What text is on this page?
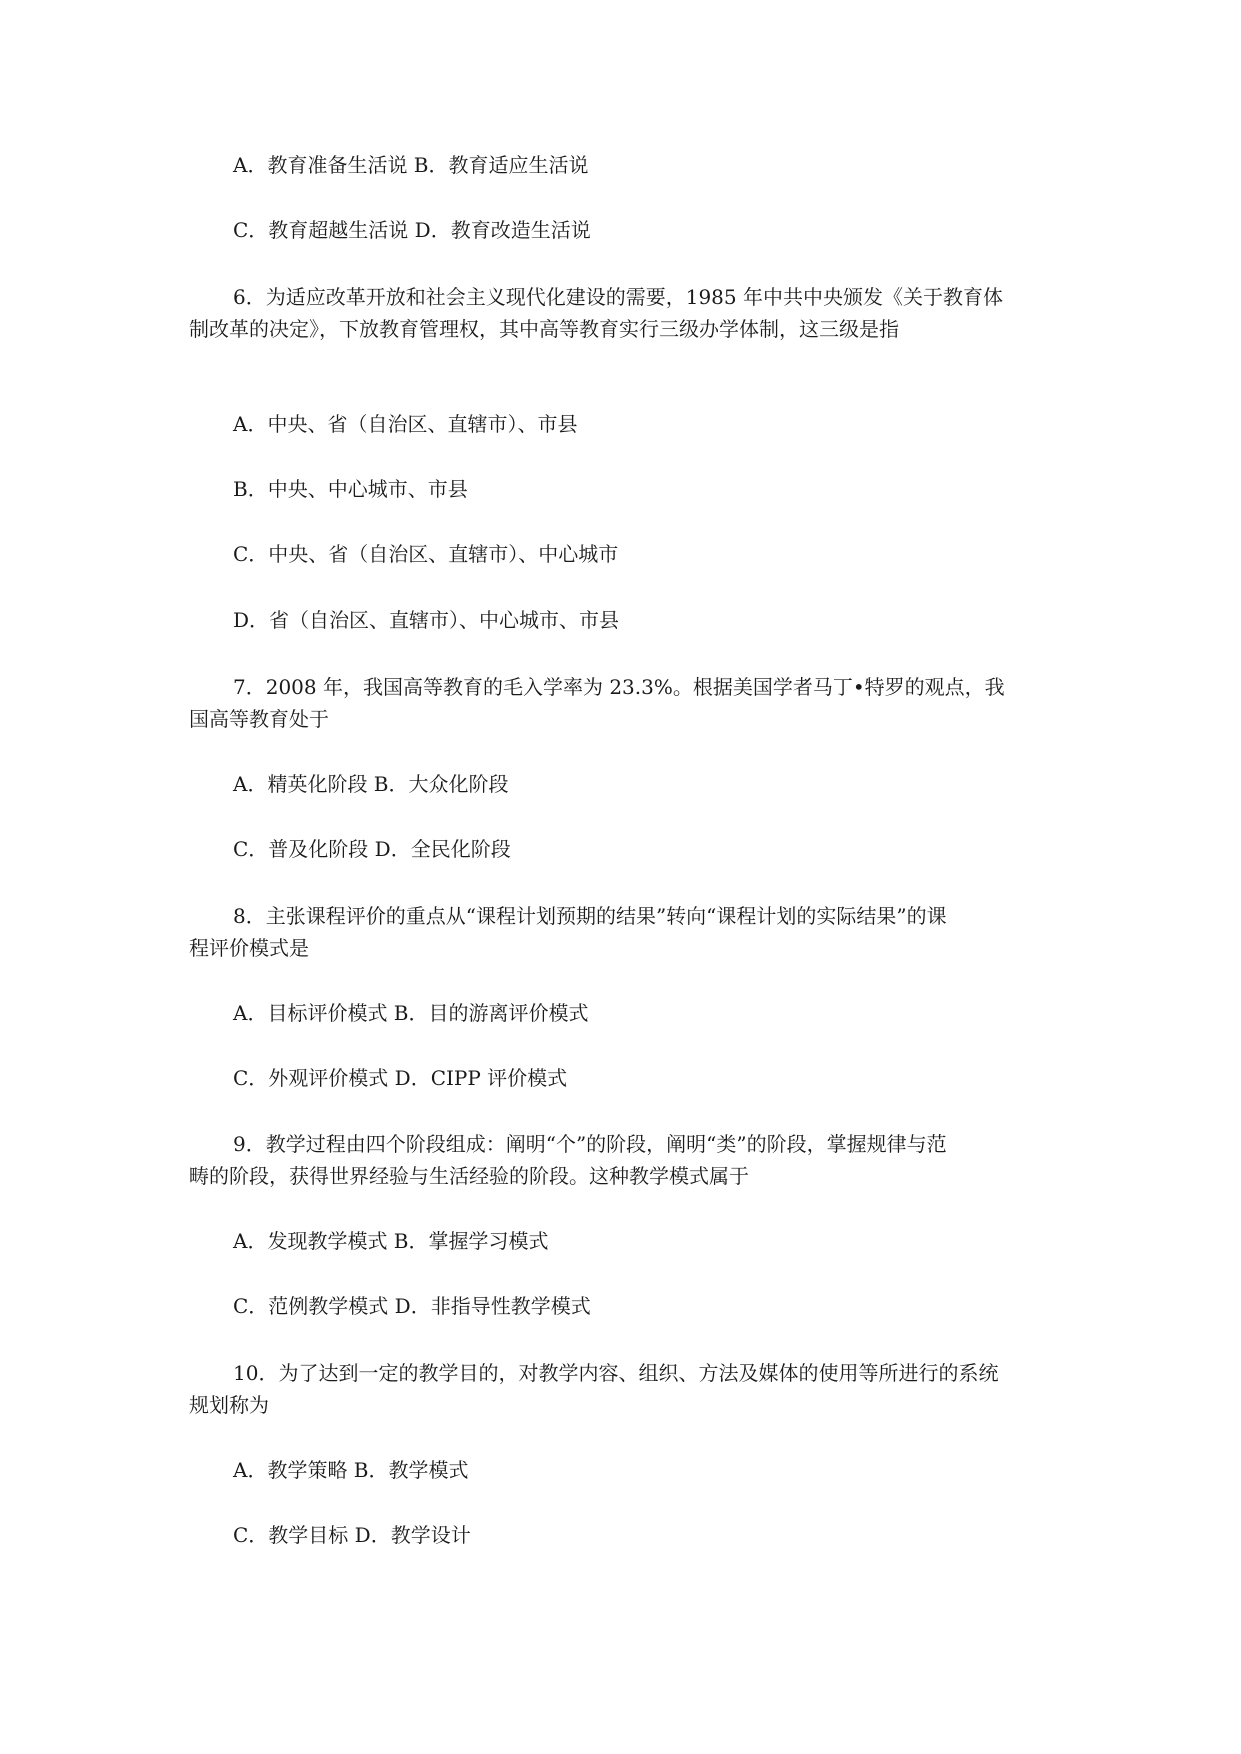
A．教育准备生活说 B．教育适应生活说
C．教育超越生活说 D．教育改造生活说
6．为适应改革开放和社会主义现代化建设的需要，1985 年中共中央颁发《关于教育体
制改革的决定》，下放教育管理权，其中高等教育实行三级办学体制，这三级是指
A．中央、省（自治区、直辖市）、市县
B．中央、中心城市、市县
C．中央、省（自治区、直辖市）、中心城市
D．省（自治区、直辖市）、中心城市、市县
7．2008 年，我国高等教育的毛入学率为 23.3%。根据美国学者马丁•特罗的观点，我
国高等教育处于
A．精英化阶段 B．大众化阶段
C．普及化阶段 D．全民化阶段
8．主张课程评价的重点从“课程计划预期的结果”转向“课程计划的实际结果”的课
程评价模式是
A．目标评价模式 B．目的游离评价模式
C．外观评价模式 D．CIPP 评价模式
9．教学过程由四个阶段组成：阐明“个”的阶段，阐明“类”的阶段，掌握规律与范
畴的阶段，获得世界经验与生活经验的阶段。这种教学模式属于
A．发现教学模式 B．掌握学习模式
C．范例教学模式 D．非指导性教学模式
10．为了达到一定的教学目的，对教学内容、组织、方法及媒体的使用等所进行的系统
规划称为
A．教学策略 B．教学模式
C．教学目标 D．教学设计
